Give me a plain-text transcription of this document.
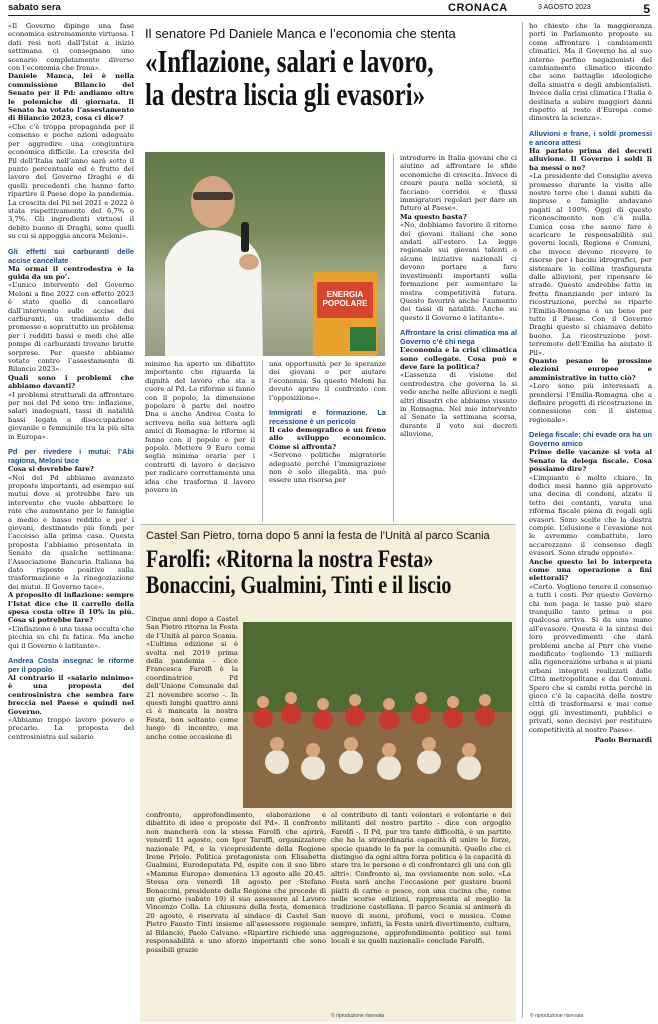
sabato sera	CRONACA	3 AGOSTO 2023	5

«Il Governo dipinge una fase economica estremamente virtuosa. I dati resi noti dall’Istat a inizio settimana ci consegnano uno scenario completamente diverso con l’economia che frena».

Daniele Manca, lei è nella commissione Bilancio del Senato per il Pd: andiamo oltre le polemiche di giornata. Il Senato ha votato l’assestamento di Bilancio 2023, cosa ci dice?

«Che c’è troppa propaganda per il consenso e poche azioni adeguate per aggredire una congiuntura economica difficile. La crescita del Pil dell’Italia nell’anno sarà sotto il punto percentuale ed è frutto del lavoro del Governo Draghi e di quelli precedenti che hanno fatto ripartire il Paese dopo la pandemia. La crescita del Pil nel 2021 e 2022 è stata rispettivamente del 6,7% e 3,7%. Gli ingredienti virtuosi il debito buono di Draghi, sono quelli su cui si appoggia ancora Meloni».

Gli effetti sui carburanti delle accise cancellate

Ma ormai il centrodestra è la guida da un po’.

«L’unico intervento del Governo Meloni a fine 2022 con effetto 2023 è stato quello di cancellare dall’intervento sulle accise dei carburanti, un tradimento delle promesse e soprattutto un problema per i redditi bassi e medi che alle pompe di carburanti trovano brutte sorprese. Per questo abbiamo votato contro l’assestamento di Bilancio 2023».

Quali sono i problemi che abbiamo davanti?

«I problemi strutturali da affrontare per noi del Pd sono tre: inflazione, salari inadeguati, tassi di natalità bassi legata a disoccupazione giovanile e femminile tra la più alta in Europa».

Pd per rivedere i mutui: l’Abi ragiona, Meloni tace

Cosa si dovrebbe fare?

«Noi del Pd abbiamo avanzato proposte importanti, ad esempio sui mutui dove si protrebbe fare un intervento che vuole abbattere le rate che aumentano per le famiglie a medio e basso reddito e per i giovani, destinando più fondi per l’accesso alla prima casa. Questa proposta l’abbiamo presentata in Senato da qualche settimana: l’Associazione Bancaria Italiana ha dato risposte positive sulla trasformazione e la rinegoziazione dei mutui. Il Governo tace».

A proposito di inflazione: sempre l’Istat dice che il carrello della spesa costa oltre il 10% in più. Cosa si potrebbe fare?

«L’inflazione è una tassa occulta che picchia su chi fa fatica. Ma anche qui il Governo è latitante».

Andrea Costa insegna: le riforme per il popolo

Al contrario il «salario minimo» è una proposta del centrosinistra che sembra fare breccia nel Paese e quindi nel Governo.

«Abbiamo troppo lavoro povero e precario. La proposta del centrosinistra sul salario

Il senatore Pd Daniele Manca e l’economia che stenta
«Inflazione, salari e lavoro,
la destra liscia gli evasori»
ENERGIA POPOLARE

minimo ha aperto un dibattito importante che riguarda la dignità del lavoro che sta a cuore al Pd. Le riforme si fanno con il popolo, la dimensione popolare è parte del nostro Dna e anche Andrea Costa lo scriveva nella sua lettera agli amici di Romagna: le riforme si fanno con il popolo e per il popolo. Mettere 9 Euro come soglia minima oraria per i contratti di lavoro è decisivo per radicare correttamente una idea che trasforma il lavoro povero in

una opportunità per le speranze dei giovani e per aiutare l’economia. Su questo Meloni ha dovuto aprire il confronto con l’opposizione».

Immigrati e formazione. La recessione è un pericolo

Il calo demografico è un freno allo sviluppo economico. Come si affronta?

«Servono politiche migratorie adeguate perché l’immigrazione non è solo illegalità, ma può essere una risorsa per

introdurre in Italia giovani che ci aiutino ad affrontare le sfide economiche di crescita. Invece di creare paura nella società, si facciano corridoi e flussi immigratori regolari per dare un futuro al Paese».

Ma questo basta?

«No, dobbiamo favorire il ritorno dei giovani italiani che sono andati all’estero. La legge regionale sui giovani talenti e alcune iniziative nazionali ci devono portare a fare investimenti importanti sulla formazione per aumentare la nostra competitività futura. Questo favorirà anche l’aumento dei tassi di natalità. Anche su questo il Governo è latitante».

Affrontare la crisi climatica ma al Governo c’è chi nega

L’economia e la crisi climatica sono collegate. Cosa può e deve fare la politica?

«L’assenza di visione del centrodestra che governa la si vede anche nelle alluvioni e negli altri disastri che abbiamo vissuto in Romagna. Nel mio intervento al Senato la settimana scorsa, durante il voto sui decreti alluvione,

ho chiesto che la maggioranza porti in Parlamento proposte su come affrontare i cambiamenti climatici. Ma il Governo ha al suo interno perfino negazionisti del cambiamento climatico dicendo che sono battaglie ideologiche della sinistra e degli ambientalisti. Invece dalla crisi climatica l’Italia è destinata a subire maggiori danni rispetto al resto d’Europa come dimostra la scienza».

Alluvioni e frane, i soldi promessi e ancora attesi

Ha parlato prima dei decreti alluvione. Il Governo i soldi li ha messi o no?

«La presidente del Consiglio aveva promesso durante la visita alle nostre terre che i danni subiti da imprese e famiglie andavano pagati al 100%. Oggi di questo riconoscimento non c’è nulla. L’unica cosa che sanno fare è scaricare le responsabilità sui governi locali, Regione e Comuni, che invece devono ricevere le risorse per i bacini idrografici, per sistemare la collina trasfigurata dalle alluvioni, per ripensare le strade. Questo andrebbe fatto in fretta finanziando per intero la ricostruzione, perché se riparte l’Emilia-Romagna è un bene per tutto il Paese. Con il Governo Draghi questo si chiamava debito buono. La ricostruzione post-terremoto dell’Emilia ha aiutato il Pil».

Quanto pesano le prossime elezioni europee e amministrative in tutto ciò?

«Loro sono più interessati a prendersi l’Emilia-Romagna che a definire progetti di ricostruzione in connessione con il sistema regionale».

Delega fiscale: chi evade ora ha un Governo amico

Prime delle vacanze si vota al Senato la delega fiscale. Cosa possiamo dire?

«L’impianto è molto chiaro. In dodici mesi hanno già approvato una decina di condoni, alzato il tetto dei contanti, varata una riforma fiscale piena di regali agli evasori. Sono scelte che la destra compie. L’elusione e l’evasione noi le avremmo combattute, loro accarezzano il consenso degli evasori. Sono strade opposte».

Anche questo lei lo interpreta come una operazione a fini elettorali?

«Certo. Vogliono tenere il consenso a tutti i costi. Per questo Governo chi non paga le tasse può stare tranquillo tanto prima o poi qualcosa arriva. Si da una mano all’evasore. Questa è la sintesi dei loro provvedimenti che darà problemi anche al Pnrr che viene modificato togliendo 13 miliardi alla rigenerazione urbana e ai piani urbani integrati realizzati dalle Città metropolitane e dai Comuni. Spero che si cambi rotta perché in gioco c’è la capacità delle nostre città di trasformarsi e mai come oggi gli investimenti, pubblici e privati, sono decisivi per restituire competitività al nostro Paese».

Paolo Bernardi

Castel San Pietro, torna dopo 5 anni la festa de l’Unità al parco Scania
Farolfi: «Ritorna la nostra Festa»
Bonaccini, Gualmini, Tinti e il liscio

Cinque anni dopo a Castel San Pietro ritorna la Festa de l’Unità al parco Scania. «L’ultima edizione si è svolta nel 2019 prima della pandemia - dice Francesca Farolfi è la coordinatrice Pd dell’Unione Comunale dal 21 novembre scorso -. In questi lunghi quattro anni ci è mancata la nostra Festa, non soltanto come luogo di incontro, ma anche come occasione di

confronto, approfondimento, elaborazione e dibattito di idee e proposte del Pd». Il confronto non mancherà con la stessa Farolfi che aprirà, venerdì 11 agosto, con Igor Taruffi, organizzatore nazionale Pd, e la vicepresidente della Regione Irene Priolo. Politica protagonista con Elisabetta Gualmini, Eurodeputata Pd, ospite con il suo libro «Mamma Europa» domenica 13 agosto alle 20.45. Stessa ora venerdì 18 agosto per Stefano Bonaccini, presidente della Regione che precede di un giorno (sabato 19) il suo assessore al Lavoro Vincenzo Colla. La chiusura della festa, domenica 20 agosto, è riservata al sindaco di Castel San Pietro Fausto Tinti insieme all’assessore regionale al Bilancio, Paolo Calvano. «Ripartire richiede una responsabilità e uno sforzo importanti che sono possibili grazie

al contributo di tanti volontari e volontarie e dei militanti del nostro partito - dice con orgoglio Farolfi -. Il Pd, pur tra tante difficoltà, è un partito che ha la straordinaria capacità di unire le forze, specie quando lo fa per la comunità. Quello che ci distingue da ogni altra forza politica è la capacità di stare tra le persone e di confrontarci gli uni con gli altri». Confronto sì, ma ovviamente non solo. «La Festa sarà anche l’occasione per gustare buoni piatti di carne e pesce, con una cucina che, come nelle scorse edizioni, rappresenta al meglio la tradizione castellana. Il parco Scania si animerà di nuovo di suoni, profumi, voci e musica. Come sempre, infatti, la Festa unirà divertimento, cultura, aggregazione, approfondimento politico sui temi locali e su quelli nazionali» conclude Farolfi.

© riproduzione riservata	© riproduzione riservata
